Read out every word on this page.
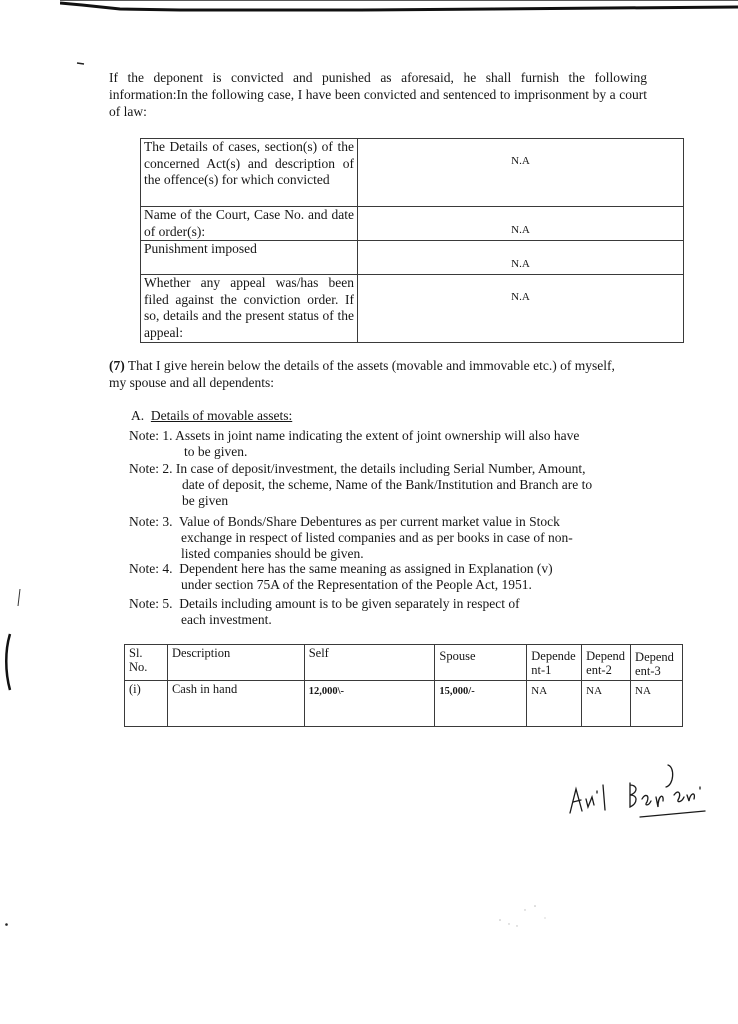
If the deponent is convicted and punished as aforesaid, he shall furnish the following information:In the following case, I have been convicted and sentenced to imprisonment by a court of law:

The Details of cases, section(s) of the concerned Act(s) and description of the offence(s) for which convicted	N.A
Name of the Court, Case No. and date of order(s):	N.A
Punishment imposed	N.A
Whether any appeal was/has been filed against the conviction order. If so, details and the present status of the appeal:	N.A

(7) That I give herein below the details of the assets (movable and immovable etc.) of myself, my spouse and all dependents:

A. Details of movable assets:
Note: 1. Assets in joint name indicating the extent of joint ownership will also have
to be given.
Note: 2. In case of deposit/investment, the details including Serial Number, Amount,
date of deposit, the scheme, Name of the Bank/Institution and Branch are to
be given
Note: 3. Value of Bonds/Share Debentures as per current market value in Stock
exchange in respect of listed companies and as per books in case of non-
listed companies should be given.
Note: 4. Dependent here has the same meaning as assigned in Explanation (v)
under section 75A of the Representation of the People Act, 1951.
Note: 5. Details including amount is to be given separately in respect of
each investment.
Sl. No.	Description	Self	Spouse	Dependent-1	Dependent-2	Dependent-3
(i)	Cash in hand	12,000\-	15,000/-	NA	NA	NA
